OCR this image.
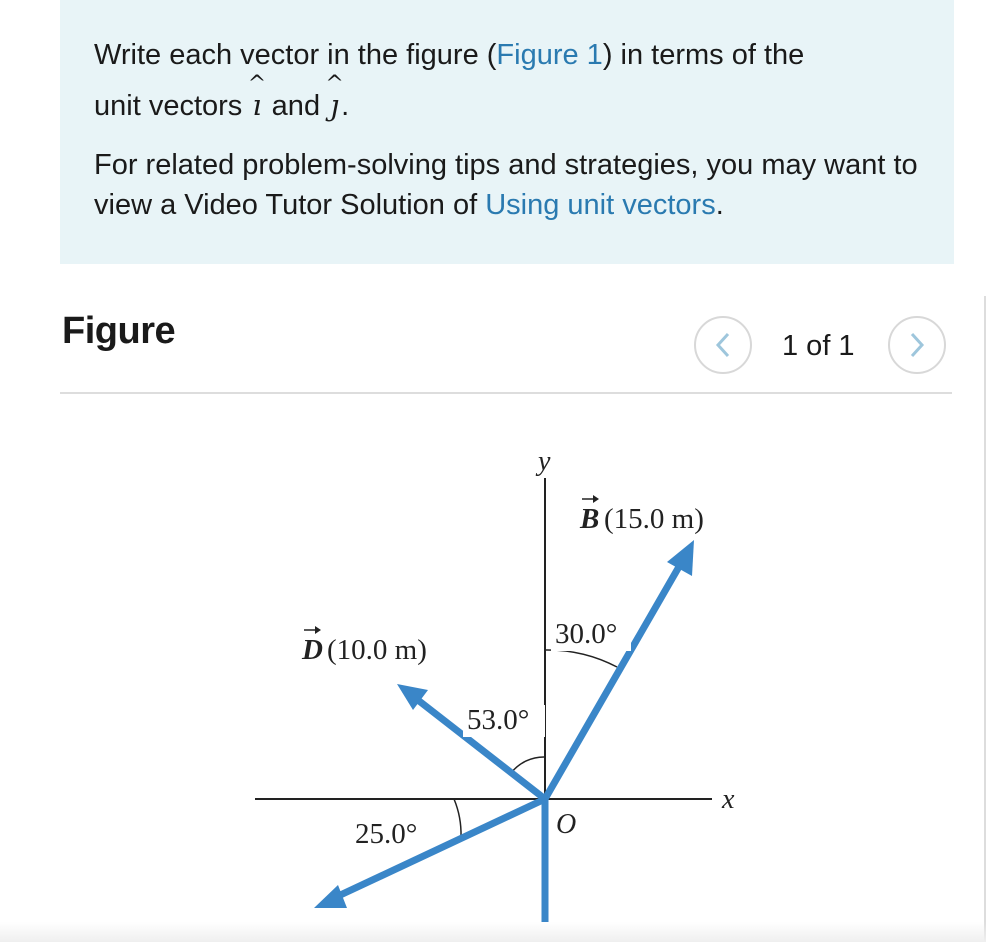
Write each vector in the figure (Figure 1) in terms of the
unit vectors
^
ı and
^
ȷ.

For related problem-solving tips and strategies, you may want to view a Video Tutor Solution of Using unit vectors.

Figure	1 of 1
y
x
O
30.0°
53.0°
25.0°
B (15.0 m)
D (10.0 m)
